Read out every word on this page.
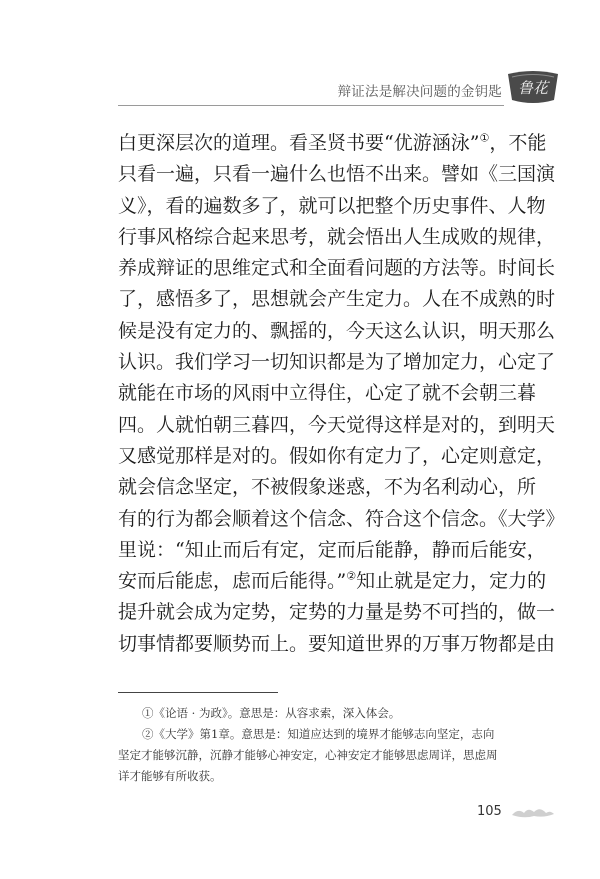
辩证法是解决问题的金钥匙 鲁花
白更深层次的道理。看圣贤书要“优游涵泳”①，不能
只看一遍，只看一遍什么也悟不出来。譬如《三国演
义》，看的遍数多了，就可以把整个历史事件、人物
行事风格综合起来思考，就会悟出人生成败的规律，
养成辩证的思维定式和全面看问题的方法等。时间长
了，感悟多了，思想就会产生定力。人在不成熟的时
候是没有定力的、飘摇的，今天这么认识，明天那么
认识。我们学习一切知识都是为了增加定力，心定了
就能在市场的风雨中立得住，心定了就不会朝三暮
四。人就怕朝三暮四，今天觉得这样是对的，到明天
又感觉那样是对的。假如你有定力了，心定则意定，
就会信念坚定，不被假象迷惑，不为名利动心，所
有的行为都会顺着这个信念、符合这个信念。《大学》
里说：“知止而后有定，定而后能静，静而后能安，
安而后能虑，虑而后能得。”②知止就是定力，定力的
提升就会成为定势，定势的力量是势不可挡的，做一
切事情都要顺势而上。要知道世界的万事万物都是由
①《论语 · 为政》。意思是：从容求索，深入体会。
②《大学》第1章。意思是：知道应达到的境界才能够志向坚定，志向
坚定才能够沉静，沉静才能够心神安定，心神安定才能够思虑周详，思虑周
详才能够有所收获。
105
